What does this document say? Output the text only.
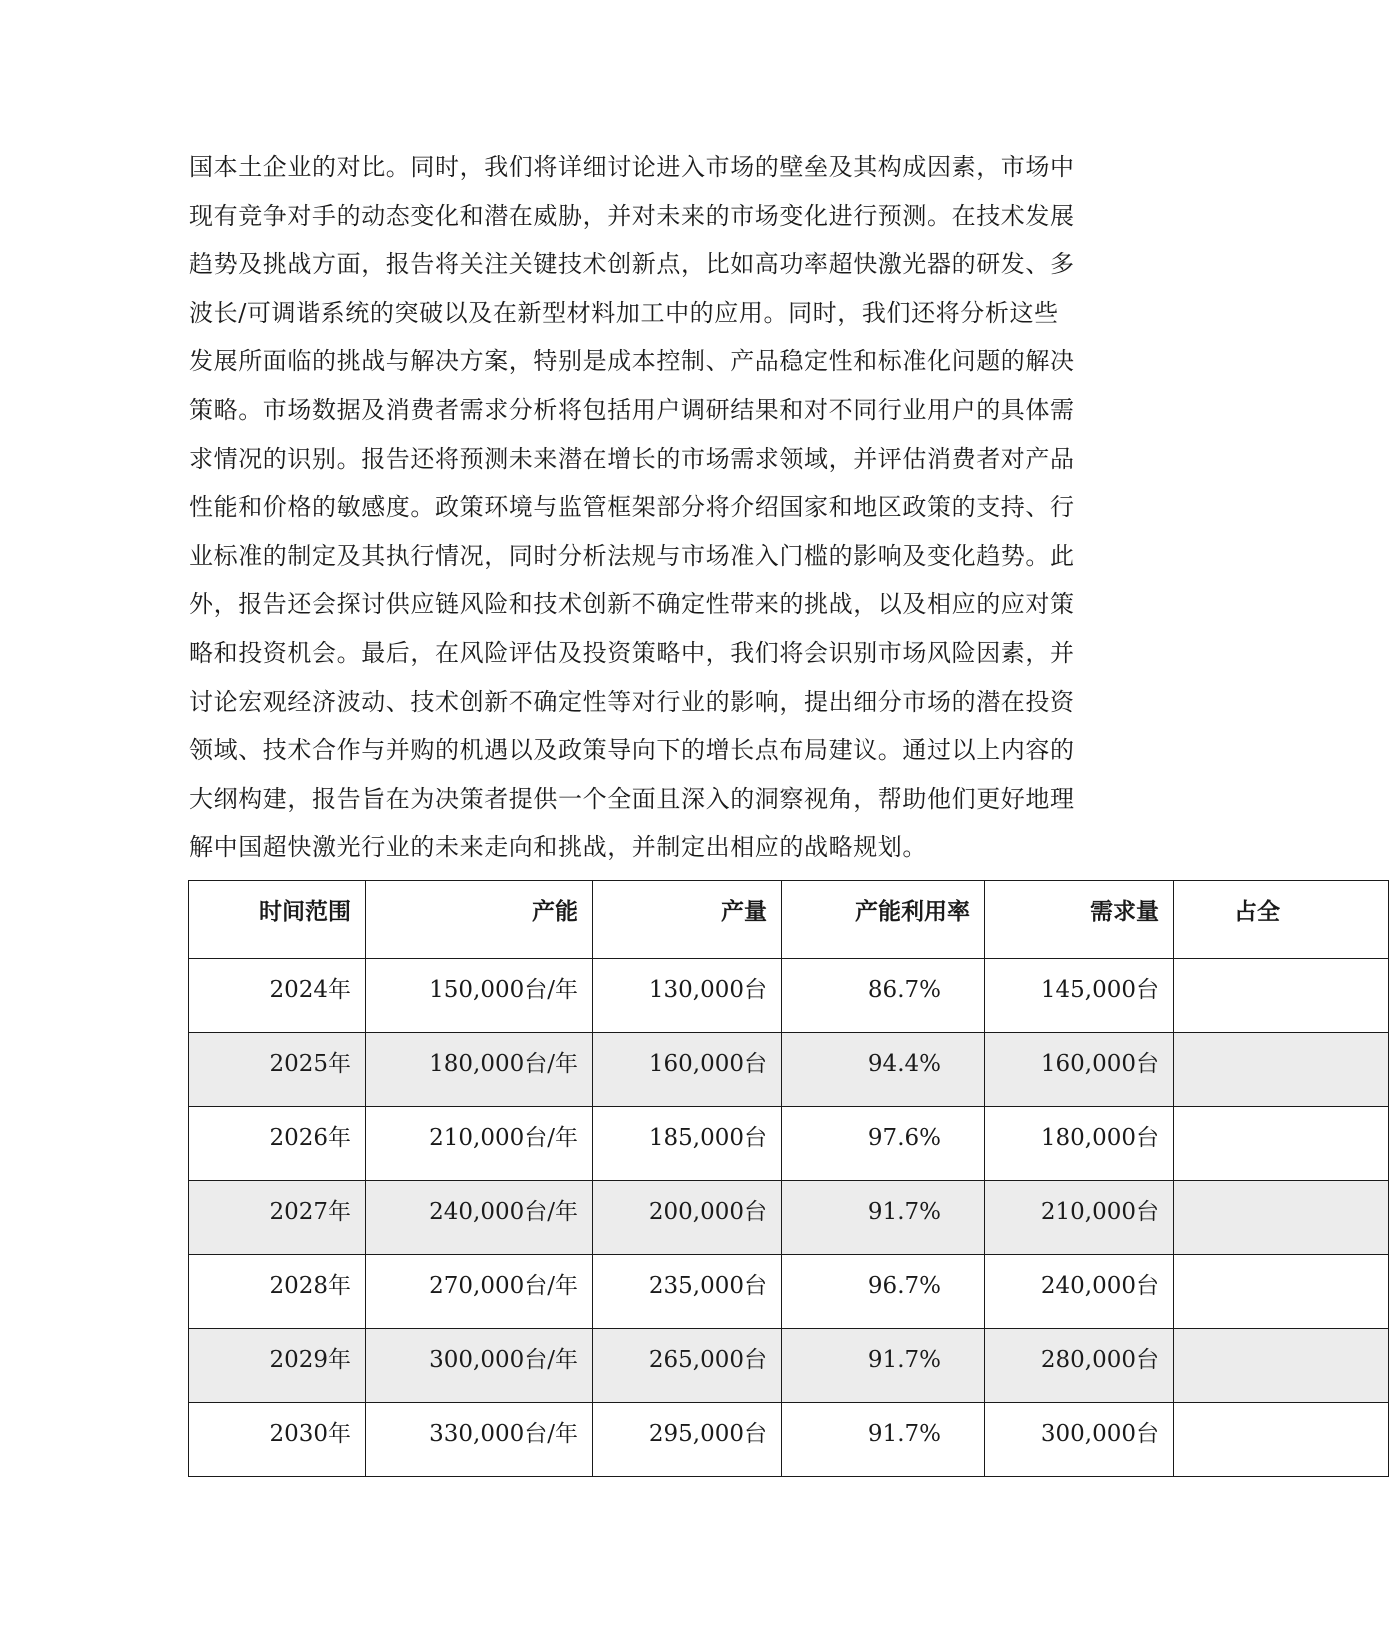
国本土企业的对比。同时，我们将详细讨论进入市场的壁垒及其构成因素，市场中
现有竞争对手的动态变化和潜在威胁，并对未来的市场变化进行预测。在技术发展
趋势及挑战方面，报告将关注关键技术创新点，比如高功率超快激光器的研发、多
波长/可调谐系统的突破以及在新型材料加工中的应用。同时，我们还将分析这些
发展所面临的挑战与解决方案，特别是成本控制、产品稳定性和标准化问题的解决
策略。市场数据及消费者需求分析将包括用户调研结果和对不同行业用户的具体需
求情况的识别。报告还将预测未来潜在增长的市场需求领域，并评估消费者对产品
性能和价格的敏感度。政策环境与监管框架部分将介绍国家和地区政策的支持、行
业标准的制定及其执行情况，同时分析法规与市场准入门槛的影响及变化趋势。此
外，报告还会探讨供应链风险和技术创新不确定性带来的挑战，以及相应的应对策
略和投资机会。最后，在风险评估及投资策略中，我们将会识别市场风险因素，并
讨论宏观经济波动、技术创新不确定性等对行业的影响，提出细分市场的潜在投资
领域、技术合作与并购的机遇以及政策导向下的增长点布局建议。通过以上内容的
大纲构建，报告旨在为决策者提供一个全面且深入的洞察视角，帮助他们更好地理
解中国超快激光行业的未来走向和挑战，并制定出相应的战略规划。
时间范围	产能	产量	产能利用率	需求量	占全
2024年	150,000台/年	130,000台	86.7%	145,000台	
2025年	180,000台/年	160,000台	94.4%	160,000台	
2026年	210,000台/年	185,000台	97.6%	180,000台	
2027年	240,000台/年	200,000台	91.7%	210,000台	
2028年	270,000台/年	235,000台	96.7%	240,000台	
2029年	300,000台/年	265,000台	91.7%	280,000台	
2030年	330,000台/年	295,000台	91.7%	300,000台	
